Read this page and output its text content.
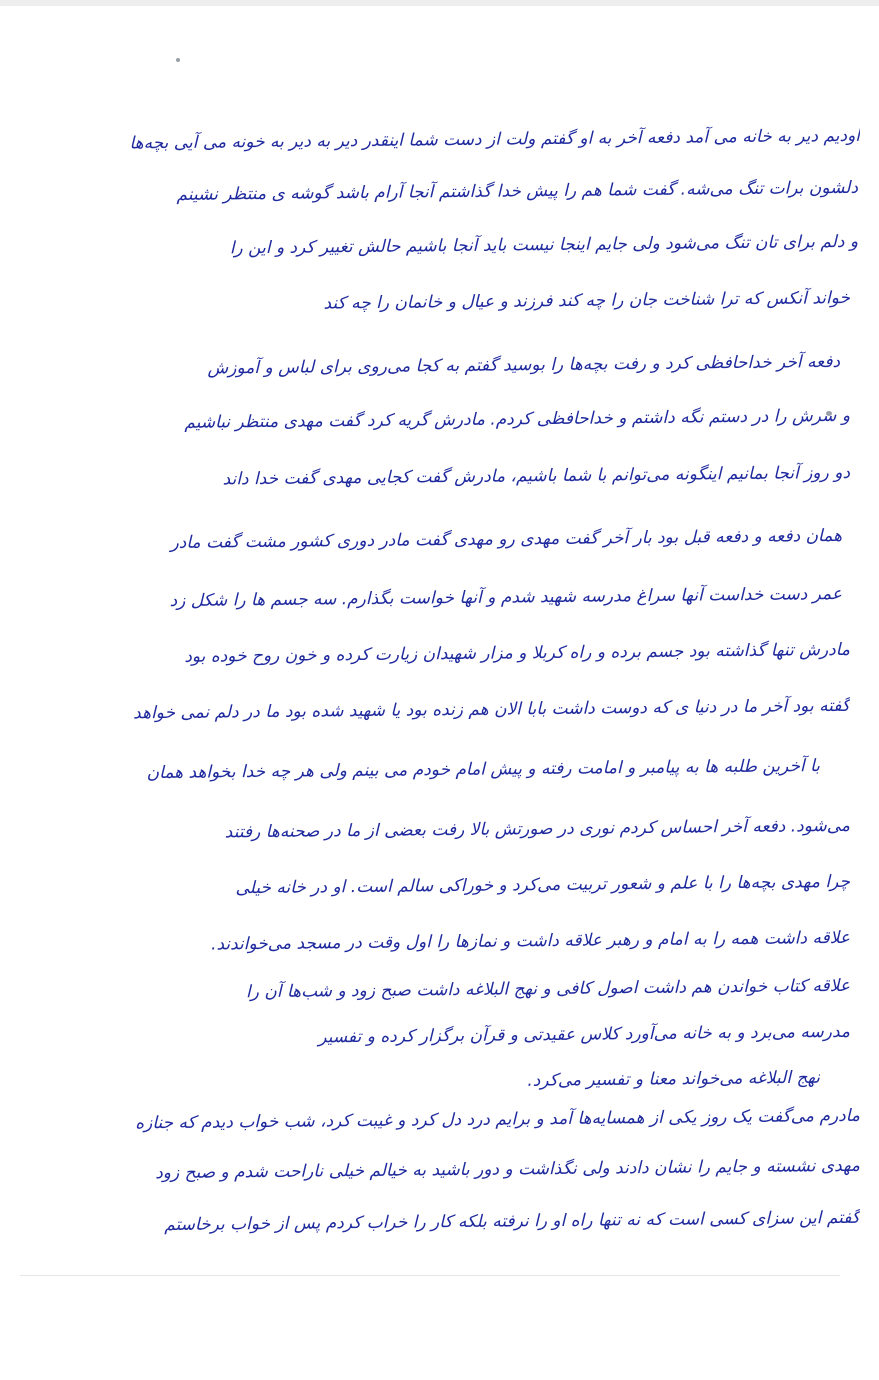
اودیم دیر به خانه می آمد دفعه آخر به او گفتم ولت از دست شما اینقدر دیر به دیر به خونه می آیی بچه‌ها
دلشون برات تنگ می‌شه. گفت شما هم را پیش خدا گذاشتم آنجا آرام باشد گوشه ی منتظر نشینم
و دلم برای تان تنگ می‌شود ولی جایم اینجا نیست باید آنجا باشیم حالش تغییر کرد و این را
خواند آنکس که ترا شناخت جان را چه کند فرزند و عیال و خانمان را چه کند
دفعه آخر خداحافظی کرد و رفت بچه‌ها را بوسید گفتم به کجا می‌روی برای لباس و آموزش
و سرش را در دستم نگه داشتم و خداحافظی کردم. مادرش گریه کرد گفت مهدی منتظر نباشیم
دو روز آنجا بمانیم اینگونه می‌توانم با شما باشیم، مادرش گفت کجایی مهدی گفت خدا داند
همان دفعه و دفعه قبل بود بار آخر گفت مهدی رو مهدی گفت مادر دوری کشور مشت گفت مادر
عمر دست خداست آنها سراغ مدرسه شهید شدم و آنها خواست بگذارم. سه جسم ها را شکل زد
مادرش تنها گذاشته بود جسم برده و راه کربلا و مزار شهیدان زیارت کرده و خون روح خوده بود
گفته بود آخر ما در دنیا ی که دوست داشت بابا الان هم زنده بود یا شهید شده بود ما در دلم نمی خواهد
با آخرین طلبه ها به پیامبر و امامت رفته و پیش امام خودم می بینم ولی هر چه خدا بخواهد همان
می‌شود. دفعه آخر احساس کردم نوری در صورتش بالا رفت بعضی از ما در صحنه‌ها رفتند
چرا مهدی بچه‌ها را با علم و شعور تربیت می‌کرد و خوراکی سالم است. او در خانه خیلی
علاقه داشت همه را به امام و رهبر علاقه داشت و نمازها را اول وقت در مسجد می‌خواندند.
علاقه کتاب خواندن هم داشت اصول کافی و نهج البلاغه داشت صبح زود و شب‌ها آن را
مدرسه می‌برد و به خانه می‌آورد کلاس عقیدتی و قرآن برگزار کرده و تفسیر
نهج البلاغه می‌خواند معنا و تفسیر می‌کرد.
مادرم می‌گفت یک روز یکی از همسایه‌ها آمد و برایم درد دل کرد و غیبت کرد، شب خواب دیدم که جنازه
مهدی نشسته و جایم را نشان دادند ولی نگذاشت و دور باشید به خیالم خیلی ناراحت شدم و صبح زود
گفتم این سزای کسی است که نه تنها راه او را نرفته بلکه کار را خراب کردم پس از خواب برخاستم
